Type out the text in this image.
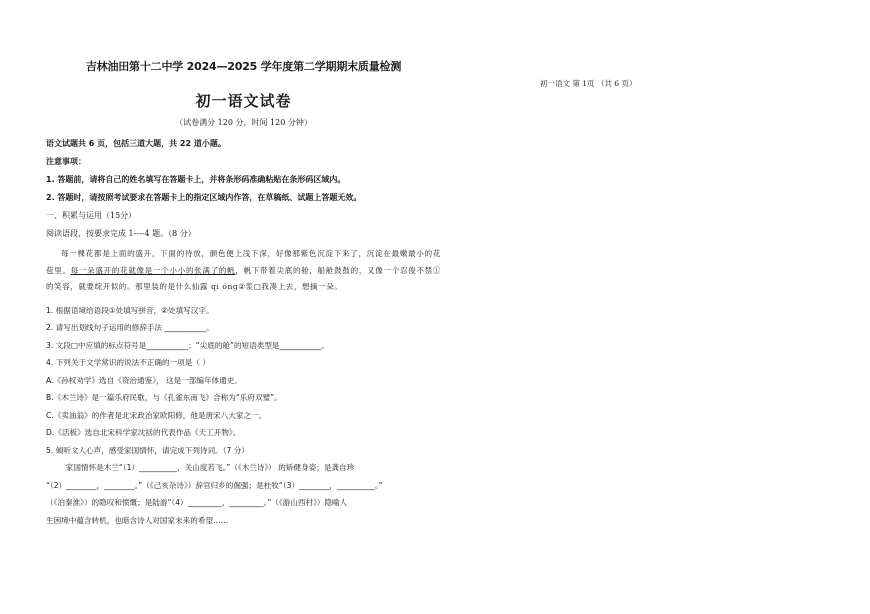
吉林油田第十二中学 2024—2025 学年度第二学期期末质量检测
初一语文试卷
（试卷满分 120 分，时间 120 分钟）
语文试题共 6 页，包括三道大题，共 22 道小题。
注意事项：
1. 答题前，请将自己的姓名填写在答题卡上，并将条形码准确粘贴在条形码区域内。
2. 答题时，请按照考试要求在答题卡上的指定区域内作答，在草稿纸、试题上答题无效。
一、积累与运用（15分）
阅读语段，按要求完成 1----4 题。（8 分）
每一棵花都是上面的盛开，下面的待放，颜色便上浅下深，好像那紫色沉淀下来了，沉淀在最嫩最小的花苞里。每一朵盛开的花就像是一个小小的张满了的帆，帆下带着尖底的舱，船舱鼓鼓的，又像一个忍俊不禁①的笑容，就要绽开似的。那里装的是什么仙露 qi ónɡ②浆□我凑上去，想摘一朵。
1. 根据语境给语段①处填写拼音，②处填写汉字。
2. 请写出划线句子运用的修辞手法 ___________。
3. 文段□中应填的标点符号是___________；“尖底的舱”的短语类型是___________。
4. 下列关于文学常识的说法不正确的一项是（ ）
A.《孙权劝学》选自《资治通鉴》， 这是一部编年体通史。
B.《木兰诗》是一篇乐府民歌，与《孔雀东南飞》合称为“乐府双璧”。
C.《卖油翁》的作者是北宋政治家欧阳修，他是唐宋八大家之一。
D.《活板》选自北宋科学家沈括的代表作品《天工开物》。
5. 倾听文人心声，感受家国情怀，请完成下列诗词。（7 分）
家国情怀是木兰“（1）__________，关山度若飞。”（《木兰诗》） 的矫健身姿；是龚自珍
“（2）________，________。”（《己亥杂诗》）辞官归乡的倔强；是杜牧“（3）________，__________。”
（《泊秦淮》）的隐叹和愤慨；是陆游“（4）_________，_________。”（《游山西村》）隐喻人
生困境中蕴含转机，也暗含诗人对国家未来的希望……
初一语文 第 1页 （共 6 页）
